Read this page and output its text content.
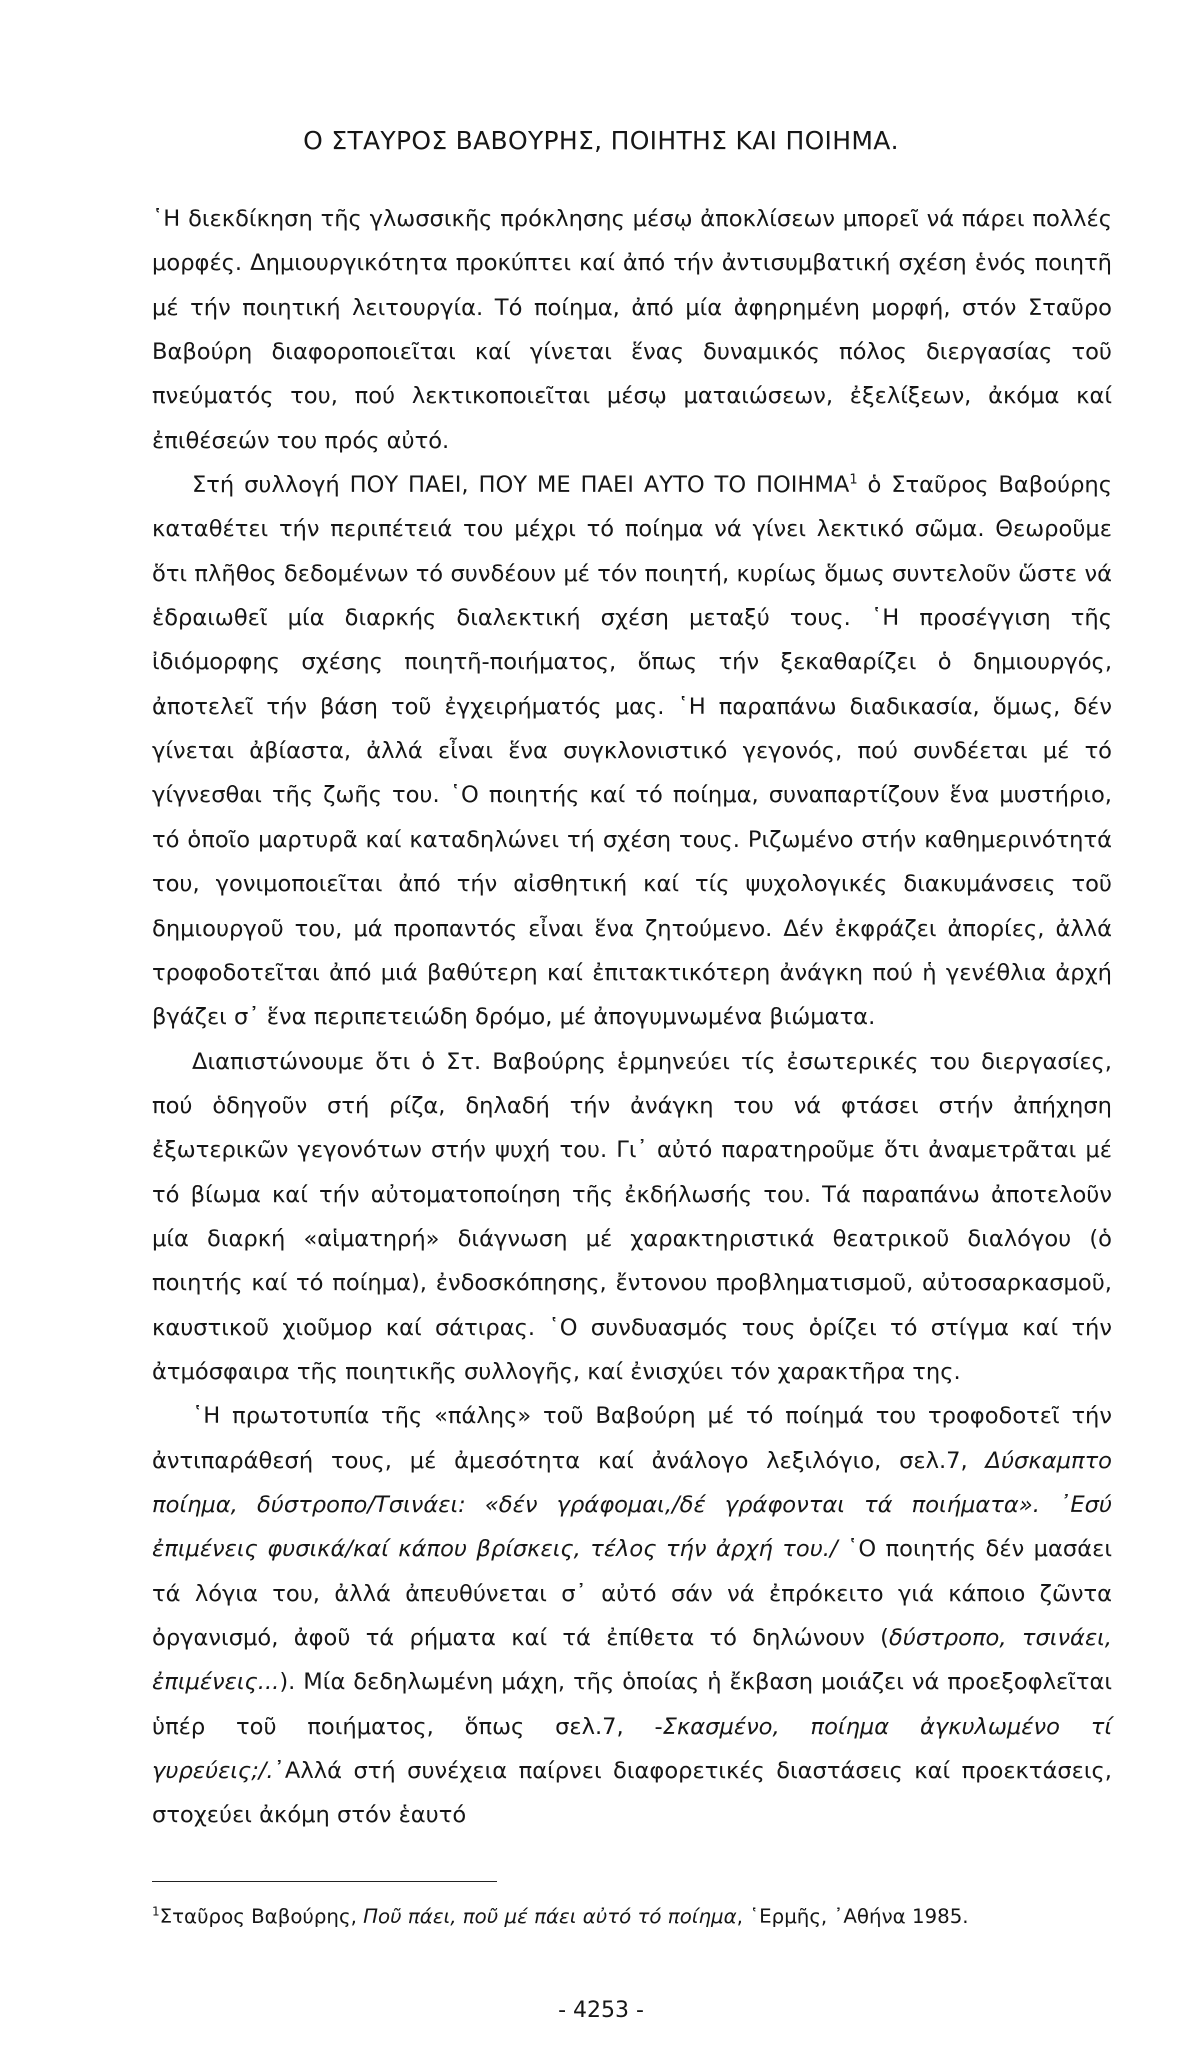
Ο ΣΤΑΥΡΟΣ ΒΑΒΟΥΡΗΣ, ΠΟΙΗΤΗΣ ΚΑΙ ΠΟΙΗΜΑ.

῾Η διεκδίκηση τῆς γλωσσικῆς πρόκλησης μέσῳ ἀποκλίσεων μπορεῖ νά πάρει πολλές μορφές. Δημιουργικότητα προκύπτει καί ἀπό τήν ἀντισυμβατική σχέση ἑνός ποιητῆ μέ τήν ποιητική λειτουργία. Τό ποίημα, ἀπό μία ἀφηρημένη μορφή, στόν Σταῦρο Βαβούρη διαφοροποιεῖται καί γίνεται ἕνας δυναμικός πόλος διεργασίας τοῦ πνεύματός του, πού λεκτικοποιεῖται μέσῳ ματαιώσεων, ἐξελίξεων, ἀκόμα καί ἐπιθέσεών του πρός αὐτό.

Στή συλλογή ΠΟΥ ΠΑΕΙ, ΠΟΥ ΜΕ ΠΑΕΙ ΑΥΤΟ ΤΟ ΠΟΙΗΜΑ$^1$ ὁ Σταῦρος Βαβούρης καταθέτει τήν περιπέτειά του μέχρι τό ποίημα νά γίνει λεκτικό σῶμα. Θεωροῦμε ὅτι πλῆθος δεδομένων τό συνδέουν μέ τόν ποιητή, κυρίως ὅμως συντελοῦν ὥστε νά ἑδραιωθεῖ μία διαρκής διαλεκτική σχέση μεταξύ τους. ῾Η προσέγγιση τῆς ἰδιόμορφης σχέσης ποιητῆ-ποιήματος, ὅπως τήν ξεκαθαρίζει ὁ δημιουργός, ἀποτελεῖ τήν βάση τοῦ ἐγχειρήματός μας. ῾Η παραπάνω διαδικασία, ὅμως, δέν γίνεται ἀβίαστα, ἀλλά εἶναι ἕνα συγκλονιστικό γεγονός, πού συνδέεται μέ τό γίγνεσθαι τῆς ζωῆς του. ῾Ο ποιητής καί τό ποίημα, συναπαρτίζουν ἕνα μυστήριο, τό ὁποῖο μαρτυρᾶ καί καταδηλώνει τή σχέση τους. Ριζωμένο στήν καθημερινότητά του, γονιμοποιεῖται ἀπό τήν αἰσθητική καί τίς ψυχολογικές διακυμάνσεις τοῦ δημιουργοῦ του, μά προπαντός εἶναι ἕνα ζητούμενο. Δέν ἐκφράζει ἀπορίες, ἀλλά τροφοδοτεῖται ἀπό μιά βαθύτερη καί ἐπιτακτικότερη ἀνάγκη πού ἡ γενέθλια ἀρχή βγάζει σ᾽ ἕνα περιπετειώδη δρόμο, μέ ἀπογυμνωμένα βιώματα.

Διαπιστώνουμε ὅτι ὁ Στ. Βαβούρης ἑρμηνεύει τίς ἐσωτερικές του διεργασίες, πού ὁδηγοῦν στή ρίζα, δηλαδή τήν ἀνάγκη του νά φτάσει στήν ἀπήχηση ἐξωτερικῶν γεγονότων στήν ψυχή του. Γι᾽ αὐτό παρατηροῦμε ὅτι ἀναμετρᾶται μέ τό βίωμα καί τήν αὐτοματοποίηση τῆς ἐκδήλωσής του. Τά παραπάνω ἀποτελοῦν μία διαρκή «αἱματηρή» διάγνωση μέ χαρακτηριστικά θεατρικοῦ διαλόγου (ὁ ποιητής καί τό ποίημα), ἐνδοσκόπησης, ἔντονου προβληματισμοῦ, αὐτοσαρκασμοῦ, καυστικοῦ χιοῦμορ καί σάτιρας. ῾Ο συνδυασμός τους ὁρίζει τό στίγμα καί τήν ἀτμόσφαιρα τῆς ποιητικῆς συλλογῆς, καί ἐνισχύει τόν χαρακτῆρα της.

῾Η πρωτοτυπία τῆς «πάλης» τοῦ Βαβούρη μέ τό ποίημά του τροφοδοτεῖ τήν ἀντιπαράθεσή τους, μέ ἀμεσότητα καί ἀνάλογο λεξιλόγιο, σελ.7, Δύσκαμπτο ποίημα, δύστροπο/Τσινάει: «δέν γράφομαι,/δέ γράφονται τά ποιήματα». ᾿Εσύ ἐπιμένεις φυσικά/καί κάπου βρίσκεις, τέλος τήν ἀρχή του./ ῾Ο ποιητής δέν μασάει τά λόγια του, ἀλλά ἀπευθύνεται σ᾽ αὐτό σάν νά ἐπρόκειτο γιά κάποιο ζῶντα ὀργανισμό, ἀφοῦ τά ρήματα καί τά ἐπίθετα τό δηλώνουν (δύστροπο, τσινάει, ἐπιμένεις...). Μία δεδηλωμένη μάχη, τῆς ὁποίας ἡ ἔκβαση μοιάζει νά προεξοφλεῖται ὑπέρ τοῦ ποιήματος, ὅπως σελ.7, -Σκασμένο, ποίημα ἀγκυλωμένο τί γυρεύεις;/.᾿Αλλά στή συνέχεια παίρνει διαφορετικές διαστάσεις καί προεκτάσεις, στοχεύει ἀκόμη στόν ἑαυτό

$^1$Σταῦρος Βαβούρης, Ποῦ πάει, ποῦ μέ πάει αὐτό τό ποίημα, ῾Ερμῆς, ᾿Αθήνα 1985.
- 4253 -
